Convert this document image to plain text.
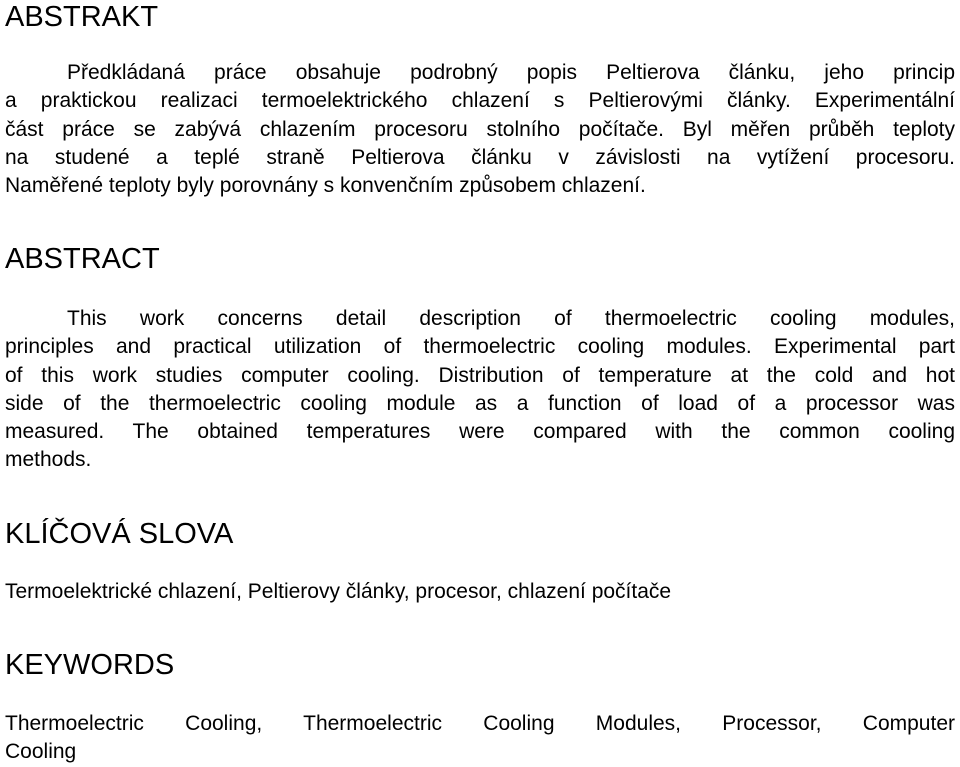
ABSTRAKT
Předkládaná práce obsahuje podrobný popis Peltierova článku, jeho princip
a praktickou realizaci termoelektrického chlazení s Peltierovými články. Experimentální
část práce se zabývá chlazením procesoru stolního počítače. Byl měřen průběh teploty
na studené a teplé straně Peltierova článku v závislosti na vytížení procesoru.
Naměřené teploty byly porovnány s konvenčním způsobem chlazení.
ABSTRACT
This work concerns detail description of thermoelectric cooling modules,
principles and practical utilization of thermoelectric cooling modules. Experimental part
of this work studies computer cooling. Distribution of temperature at the cold and hot
side of the thermoelectric cooling module as a function of load of a processor was
measured. The obtained temperatures were compared with the common cooling
methods.
KLÍČOVÁ SLOVA
Termoelektrické chlazení, Peltierovy články, procesor, chlazení počítače
KEYWORDS
Thermoelectric Cooling, Thermoelectric Cooling Modules, Processor, Computer
Cooling
